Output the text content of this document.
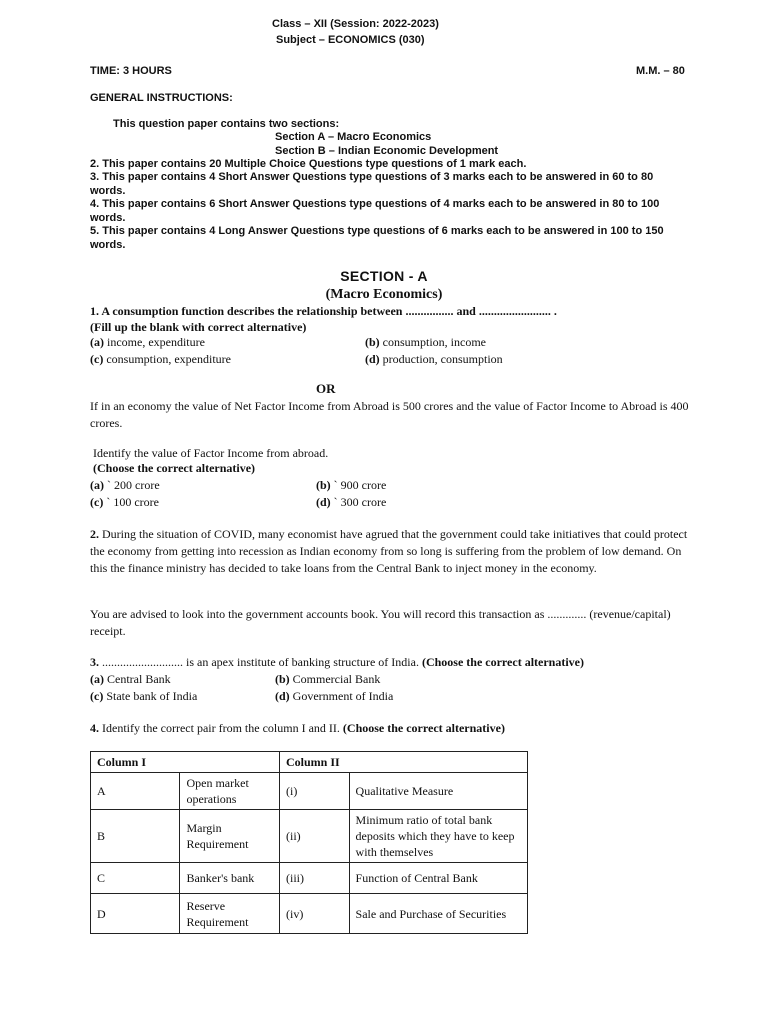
Class – XII (Session: 2022-2023)
Subject – ECONOMICS (030)
TIME: 3 HOURS	M.M. – 80
GENERAL INSTRUCTIONS:
This question paper contains two sections:
Section A – Macro Economics
Section B – Indian Economic Development
2. This paper contains 20 Multiple Choice Questions type questions of 1 mark each.
3. This paper contains 4 Short Answer Questions type questions of 3 marks each to be answered in 60 to 80 words.
4. This paper contains 6 Short Answer Questions type questions of 4 marks each to be answered in 80 to 100 words.
5. This paper contains 4 Long Answer Questions type questions of 6 marks each to be answered in 100 to 150 words.
SECTION - A
(Macro Economics)
1. A consumption function describes the relationship between ................ and ........................ .
(Fill up the blank with correct alternative)
(a) income, expenditure	(b) consumption, income
(c) consumption, expenditure	(d) production, consumption
OR
If in an economy the value of Net Factor Income from Abroad is 500 crores and the value of Factor Income to Abroad is 400 crores.
Identify the value of Factor Income from abroad.
(Choose the correct alternative)
(a) ` 200 crore	(b) ` 900 crore
(c) ` 100 crore	(d) ` 300 crore
2. During the situation of COVID, many economist have agrued that the government could take initiatives that could protect the economy from getting into recession as Indian economy from so long is suffering from the problem of low demand. On this the finance ministry has decided to take loans from the Central Bank to inject money in the economy.
You are advised to look into the government accounts book. You will record this transaction as ............. (revenue/capital) receipt.
3. ........................... is an apex institute of banking structure of India. (Choose the correct alternative)
(a) Central Bank	(b) Commercial Bank
(c) State bank of India	(d) Government of India
4. Identify the correct pair from the column I and II. (Choose the correct alternative)
Column I		Column II	
A	Open market operations	(i)	Qualitative Measure
B	Margin Requirement	(ii)	Minimum ratio of total bank deposits which they have to keep with themselves
C	Banker's bank	(iii)	Function of Central Bank
D	Reserve Requirement	(iv)	Sale and Purchase of Securities
